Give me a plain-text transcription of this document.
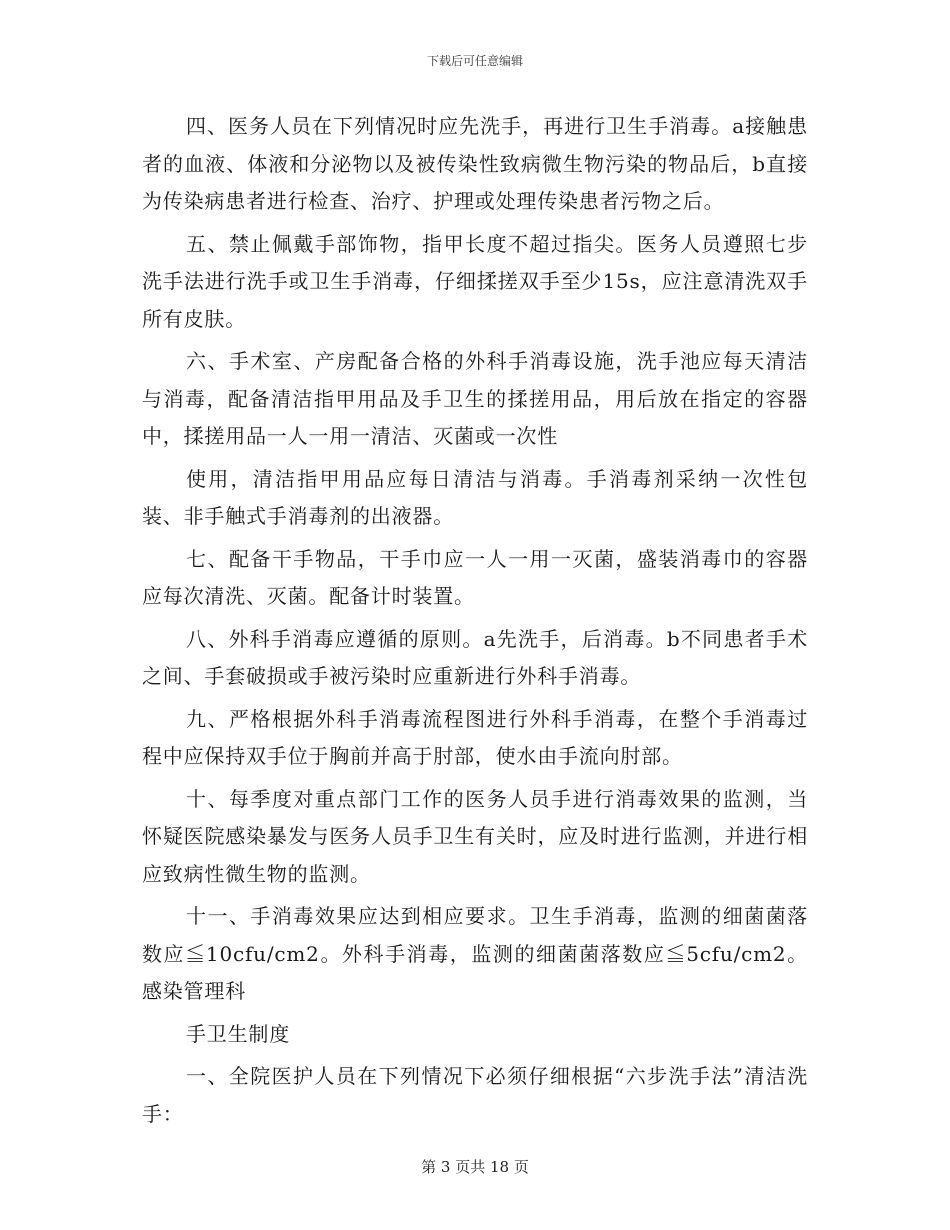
下载后可任意编辑

四、医务人员在下列情况时应先洗手，再进行卫生手消毒。a接触患者的血液、体液和分泌物以及被传染性致病微生物污染的物品后，b直接为传染病患者进行检查、治疗、护理或处理传染患者污物之后。

五、禁止佩戴手部饰物，指甲长度不超过指尖。医务人员遵照七步洗手法进行洗手或卫生手消毒，仔细揉搓双手至少15s，应注意清洗双手所有皮肤。

六、手术室、产房配备合格的外科手消毒设施，洗手池应每天清洁与消毒，配备清洁指甲用品及手卫生的揉搓用品，用后放在指定的容器中，揉搓用品一人一用一清洁、灭菌或一次性

使用，清洁指甲用品应每日清洁与消毒。手消毒剂采纳一次性包装、非手触式手消毒剂的出液器。

七、配备干手物品，干手巾应一人一用一灭菌，盛装消毒巾的容器应每次清洗、灭菌。配备计时装置。

八、外科手消毒应遵循的原则。a先洗手，后消毒。b不同患者手术之间、手套破损或手被污染时应重新进行外科手消毒。

九、严格根据外科手消毒流程图进行外科手消毒，在整个手消毒过程中应保持双手位于胸前并高于肘部，使水由手流向肘部。

十、每季度对重点部门工作的医务人员手进行消毒效果的监测，当怀疑医院感染暴发与医务人员手卫生有关时，应及时进行监测，并进行相应致病性微生物的监测。

十一、手消毒效果应达到相应要求。卫生手消毒，监测的细菌菌落数应≦10cfu/cm2。外科手消毒，监测的细菌菌落数应≦5cfu/cm2。感染管理科

手卫生制度

一、全院医护人员在下列情况下必须仔细根据“六步洗手法”清洁洗手：

第 3 页共 18 页
